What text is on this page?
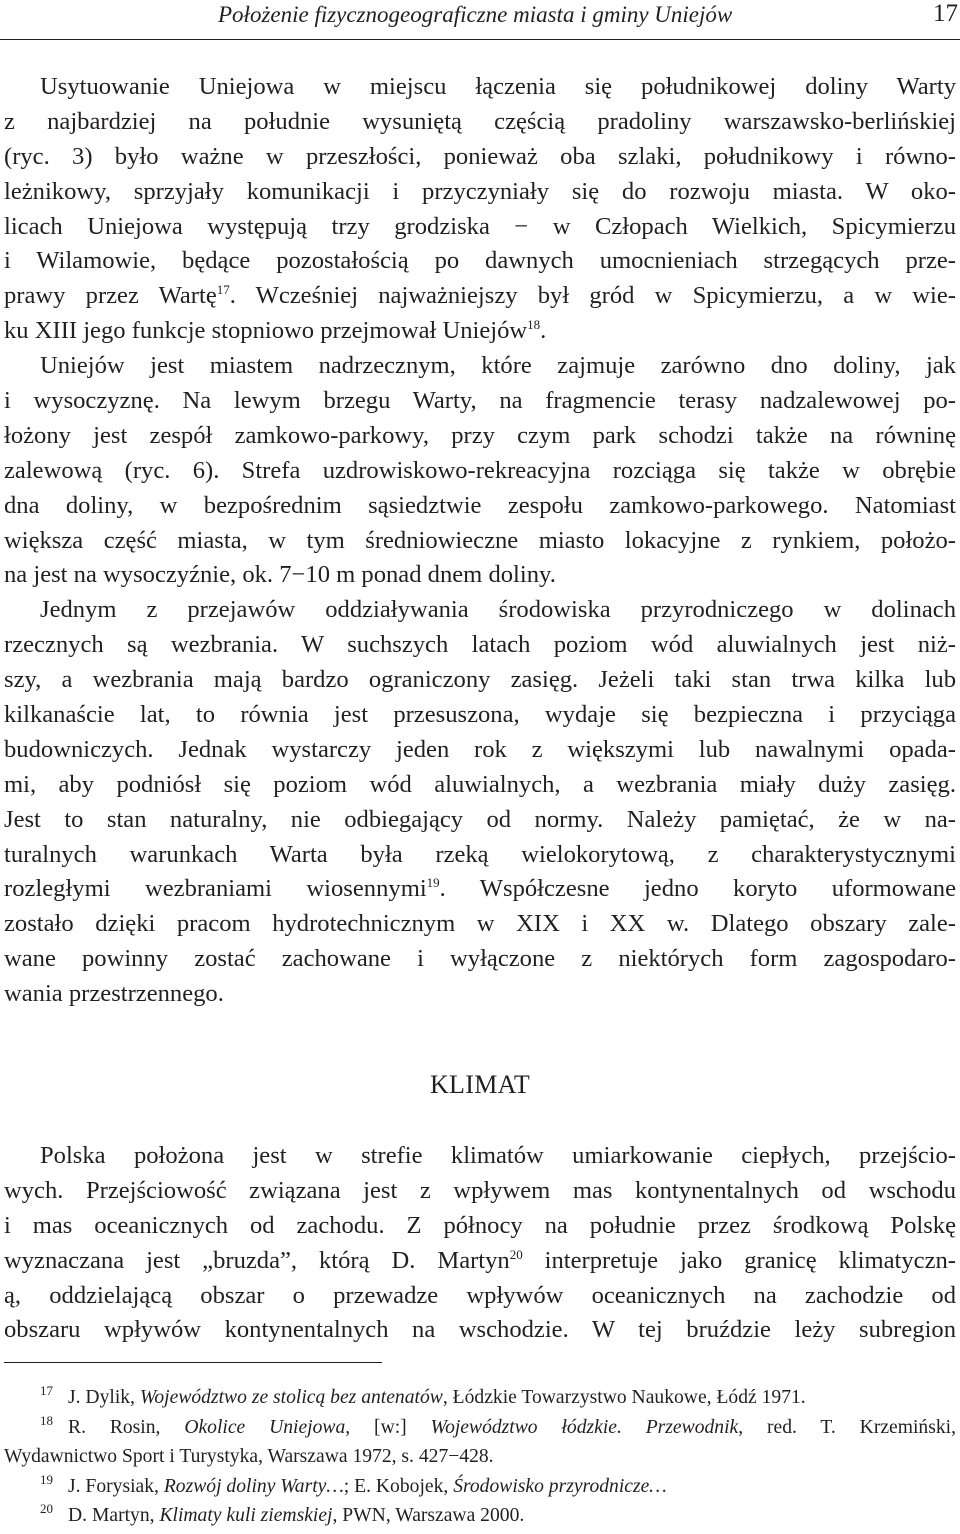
Położenie fizycznogeograficzne miasta i gminy Uniejów	17
Usytuowanie Uniejowa w miejscu łączenia się południkowej doliny Warty
z najbardziej na południe wysuniętą częścią pradoliny warszawsko-berlińskiej
(ryc. 3) było ważne w przeszłości, ponieważ oba szlaki, południkowy i równo-
leżnikowy, sprzyjały komunikacji i przyczyniały się do rozwoju miasta. W oko-
licach Uniejowa występują trzy grodziska − w Człopach Wielkich, Spicymierzu
i Wilamowie, będące pozostałością po dawnych umocnieniach strzegących prze-
prawy przez Wartę$^{17}$. Wcześniej najważniejszy był gród w Spicymierzu, a w wie-
ku XIII jego funkcje stopniowo przejmował Uniejów$^{18}$.
Uniejów jest miastem nadrzecznym, które zajmuje zarówno dno doliny, jak
i wysoczyznę. Na lewym brzegu Warty, na fragmencie terasy nadzalewowej po-
łożony jest zespół zamkowo-parkowy, przy czym park schodzi także na równinę
zalewową (ryc. 6). Strefa uzdrowiskowo-rekreacyjna rozciąga się także w obrębie
dna doliny, w bezpośrednim sąsiedztwie zespołu zamkowo-parkowego. Natomiast
większa część miasta, w tym średniowieczne miasto lokacyjne z rynkiem, położo-
na jest na wysoczyźnie, ok. 7−10 m ponad dnem doliny.
Jednym z przejawów oddziaływania środowiska przyrodniczego w dolinach
rzecznych są wezbrania. W suchszych latach poziom wód aluwialnych jest niż-
szy, a wezbrania mają bardzo ograniczony zasięg. Jeżeli taki stan trwa kilka lub
kilkanaście lat, to równia jest przesuszona, wydaje się bezpieczna i przyciąga
budowniczych. Jednak wystarczy jeden rok z większymi lub nawalnymi opada-
mi, aby podniósł się poziom wód aluwialnych, a wezbrania miały duży zasięg.
Jest to stan naturalny, nie odbiegający od normy. Należy pamiętać, że w na-
turalnych warunkach Warta była rzeką wielokorytową, z charakterystycznymi
rozległymi wezbraniami wiosennymi$^{19}$. Współczesne jedno koryto uformowane
zostało dzięki pracom hydrotechnicznym w XIX i XX w. Dlatego obszary zale-
wane powinny zostać zachowane i wyłączone z niektórych form zagospodaro-
wania przestrzennego.
KLIMAT
Polska położona jest w strefie klimatów umiarkowanie ciepłych, przejścio-
wych. Przejściowość związana jest z wpływem mas kontynentalnych od wschodu
i mas oceanicznych od zachodu. Z północy na południe przez środkową Polskę
wyznaczana jest „bruzda”, którą D. Martyn$^{20}$ interpretuje jako granicę klimatyczn-
ą, oddzielającą obszar o przewadze wpływów oceanicznych na zachodzie od
obszaru wpływów kontynentalnych na wschodzie. W tej bruździe leży subregion
17 J. Dylik, Województwo ze stolicą bez antenatów, Łódzkie Towarzystwo Naukowe, Łódź 1971.
18 R. Rosin, Okolice Uniejowa, [w:] Województwo łódzkie. Przewodnik, red. T. Krzemiński,
Wydawnictwo Sport i Turystyka, Warszawa 1972, s. 427−428.
19 J. Forysiak, Rozwój doliny Warty…; E. Kobojek, Środowisko przyrodnicze…
20 D. Martyn, Klimaty kuli ziemskiej, PWN, Warszawa 2000.
